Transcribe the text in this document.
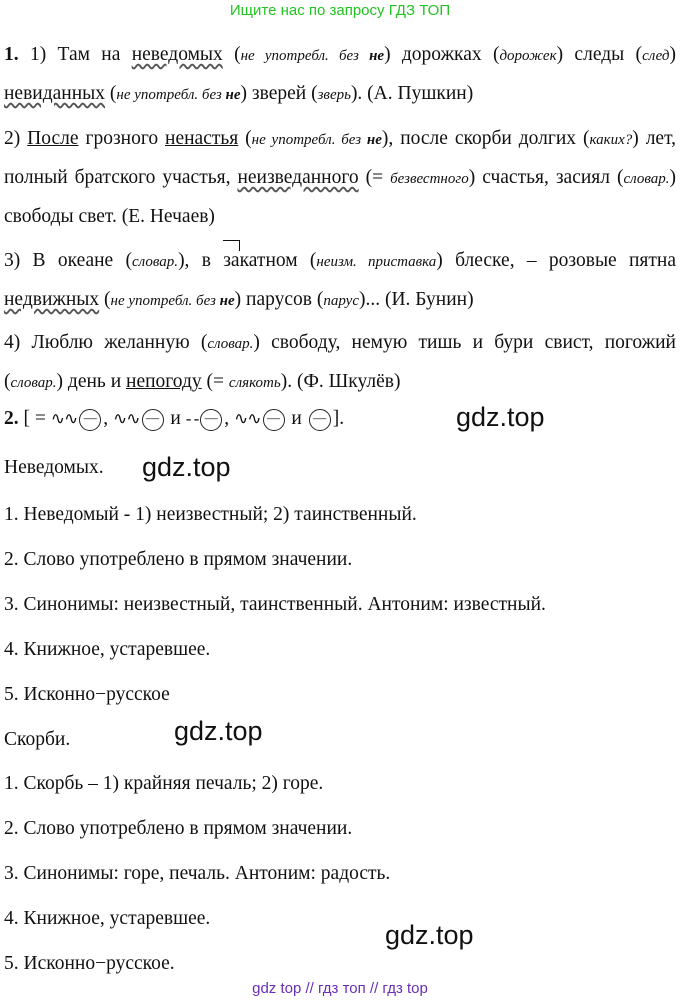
Ищите нас по запросу ГДЗ ТОП
1. 1) Там на неведомых (не употребл. без не) дорожках (дорожек) следы (след) невиданных (не употребл. без не) зверей (зверь). (А. Пушкин)
2) После грозного ненастья (не употребл. без не), после скорби долгих (каких?) лет, полный братского участья, неизведанного (= безвестного) счастья, засиял (словар.) свободы свет. (Е. Нечаев)
3) В океане (словар.), в закатном (неизм. приставка) блеске, – розовые пятна недвижных (не употребл. без не) парусов (парус)... (И. Бунин)
4) Люблю желанную (словар.) свободу, немую тишь и бури свист, погожий (словар.) день и непогоду (= слякоть). (Ф. Шкулёв)
2. [ = ∿∿ ‒‒ , ∿∿ ‒‒ и - - ‒‒ , ∿∿ ‒‒ и ‒‒ ].	gdz.top
Неведомых. gdz.top
1. Неведомый - 1) неизвестный; 2) таинственный.
2. Слово употреблено в прямом значении.
3. Синонимы: неизвестный, таинственный. Антоним: известный.
4. Книжное, устаревшее.
5. Исконно−русское
gdz.top
Скорби.
1. Скорбь – 1) крайняя печаль; 2) горе.
2. Слово употреблено в прямом значении.
3. Синонимы: горе, печаль. Антоним: радость.
4. Книжное, устаревшее.
gdz.top
5. Исконно−русское.
gdz top // гдз топ // гдз top
